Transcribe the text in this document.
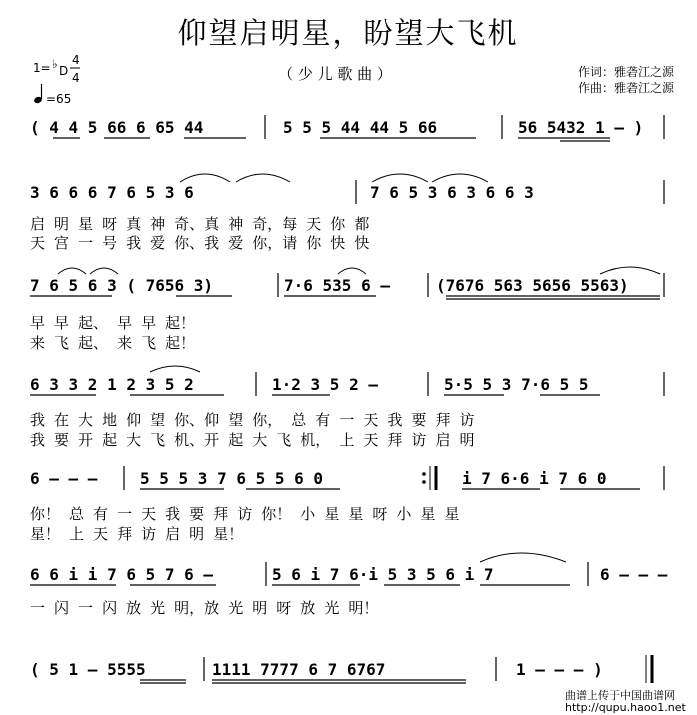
仰望启明星，盼望大飞机
（ 少 儿 歌 曲 ）	作词：雅砻江之源
作曲：雅砻江之源
1= ♭ D
4
4
=65
( 4 4 5 66 6 65 44	5 5 5 44 44 5 66	56 5432 1 – )
3 6 6 6 7 6 5 3 6	7 6 5 3 6 3 6 6 3
启 明 星 呀 真 神 奇、真 神 奇，每 天 你 都
天 宫 一 号 我 爱 你、我 爱 你，请 你 快 快
7 6 5 6 3 ( 7656 3)	7·6 535 6 –	(7676 563 5656 5563)
早 早 起、 早 早 起！
来 飞 起、 来 飞 起！
6 3 3 2 1 2 3 5 2	1·2 3 5 2 –	5·5 5 3 7·6 5 5
我 在 大 地 仰 望 你、仰 望 你， 总 有 一 天 我 要 拜 访
我 要 开 起 大 飞 机、开 起 大 飞 机， 上 天 拜 访 启 明
6 – – –	5 5 5 3 7 6 5 5 6 0	i 7 6·6 i 7 6 0
你！ 总 有 一 天 我 要 拜 访 你！ 小 星 星 呀 小 星 星
星！ 上 天 拜 访 启 明 星！
6 6 i i 7 6 5 7 6 –	5 6 i 7 6·i 5 3 5 6 i 7	6 – – –
一 闪 一 闪 放 光 明，放 光 明 呀 放 光 明！
( 5 1 – 5555	1111 7777 6 7 6767	1 – – – )
曲谱上传于中国曲谱网
http://qupu.haoo1.net
